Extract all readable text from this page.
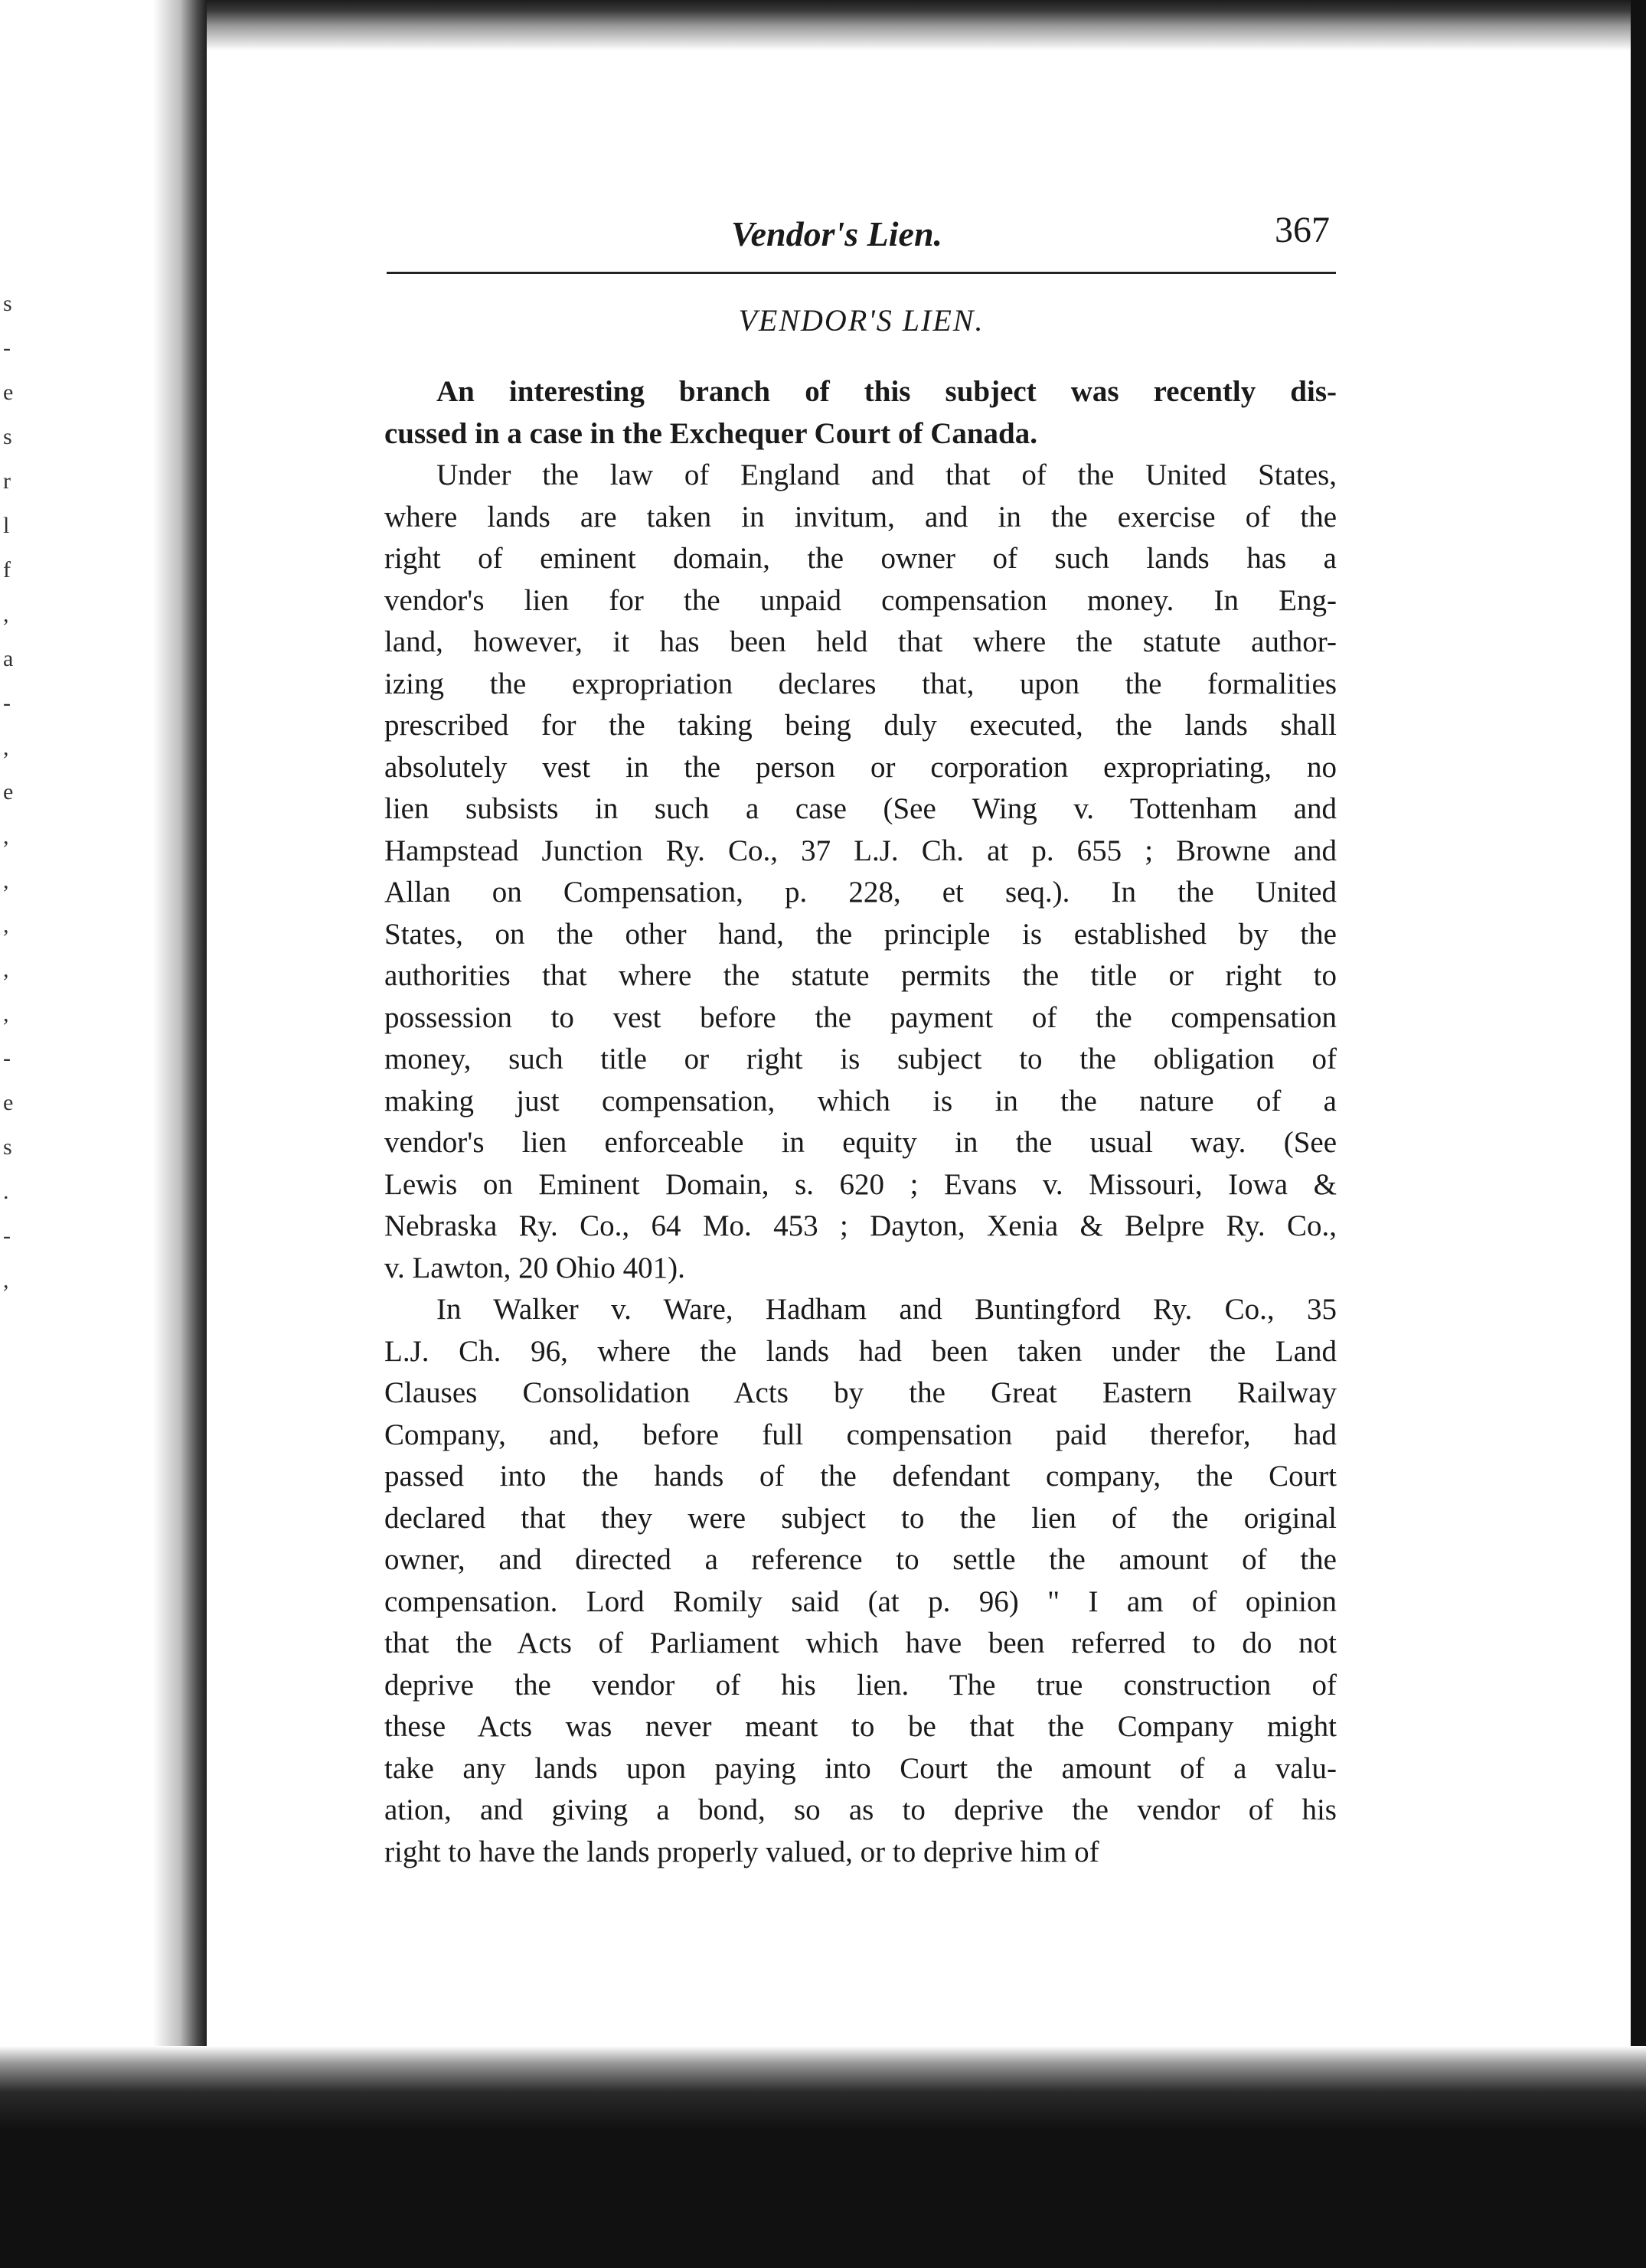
s
-
e
s
r
l
f
,
a
-
,
e
,
,
,
,
,
-
e
s
.
-
,
Vendor's Lien.	367
VENDOR'S LIEN.
An interesting branch of this subject was recently dis-
cussed in a case in the Exchequer Court of Canada.
Under the law of England and that of the United States,
where lands are taken in invitum, and in the exercise of the
right of eminent domain, the owner of such lands has a
vendor's lien for the unpaid compensation money. In Eng-
land, however, it has been held that where the statute author-
izing the expropriation declares that, upon the formalities
prescribed for the taking being duly executed, the lands shall
absolutely vest in the person or corporation expropriating, no
lien subsists in such a case (See Wing v. Tottenham and
Hampstead Junction Ry. Co., 37 L.J. Ch. at p. 655 ; Browne and
Allan on Compensation, p. 228, et seq.). In the United
States, on the other hand, the principle is established by the
authorities that where the statute permits the title or right to
possession to vest before the payment of the compensation
money, such title or right is subject to the obligation of
making just compensation, which is in the nature of a
vendor's lien enforceable in equity in the usual way. (See
Lewis on Eminent Domain, s. 620 ; Evans v. Missouri, Iowa &
Nebraska Ry. Co., 64 Mo. 453 ; Dayton, Xenia & Belpre Ry. Co.,
v. Lawton, 20 Ohio 401).
In Walker v. Ware, Hadham and Buntingford Ry. Co., 35
L.J. Ch. 96, where the lands had been taken under the Land
Clauses Consolidation Acts by the Great Eastern Railway
Company, and, before full compensation paid therefor, had
passed into the hands of the defendant company, the Court
declared that they were subject to the lien of the original
owner, and directed a reference to settle the amount of the
compensation. Lord Romily said (at p. 96) " I am of opinion
that the Acts of Parliament which have been referred to do not
deprive the vendor of his lien. The true construction of
these Acts was never meant to be that the Company might
take any lands upon paying into Court the amount of a valu-
ation, and giving a bond, so as to deprive the vendor of his
right to have the lands properly valued, or to deprive him of
